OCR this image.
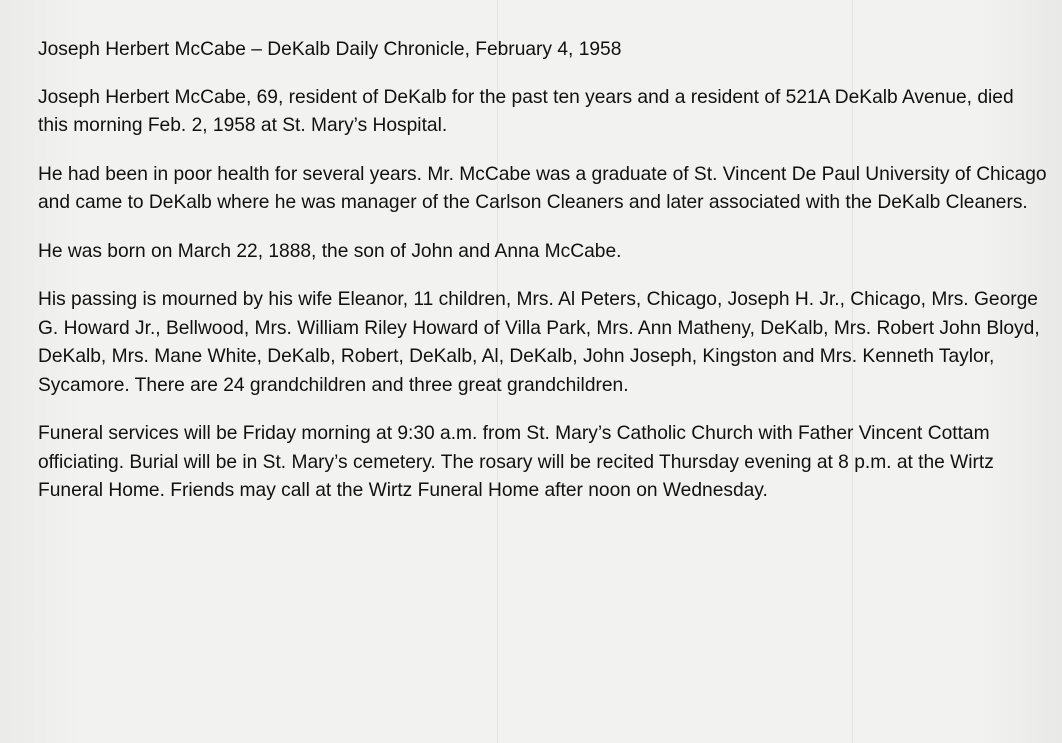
Joseph Herbert McCabe – DeKalb Daily Chronicle, February 4, 1958

Joseph Herbert McCabe, 69, resident of DeKalb for the past ten years and a resident of 521A DeKalb Avenue, died this morning Feb. 2, 1958 at St. Mary’s Hospital.

He had been in poor health for several years. Mr. McCabe was a graduate of St. Vincent De Paul University of Chicago and came to DeKalb where he was manager of the Carlson Cleaners and later associated with the DeKalb Cleaners.

He was born on March 22, 1888, the son of John and Anna McCabe.

His passing is mourned by his wife Eleanor, 11 children, Mrs. Al Peters, Chicago, Joseph H. Jr., Chicago, Mrs. George G. Howard Jr., Bellwood, Mrs. William Riley Howard of Villa Park, Mrs. Ann Matheny, DeKalb, Mrs. Robert John Bloyd, DeKalb, Mrs. Mane White, DeKalb, Robert, DeKalb, Al, DeKalb, John Joseph, Kingston and Mrs. Kenneth Taylor, Sycamore. There are 24 grandchildren and three great grandchildren.

Funeral services will be Friday morning at 9:30 a.m. from St. Mary’s Catholic Church with Father Vincent Cottam officiating. Burial will be in St. Mary’s cemetery. The rosary will be recited Thursday evening at 8 p.m. at the Wirtz Funeral Home. Friends may call at the Wirtz Funeral Home after noon on Wednesday.
